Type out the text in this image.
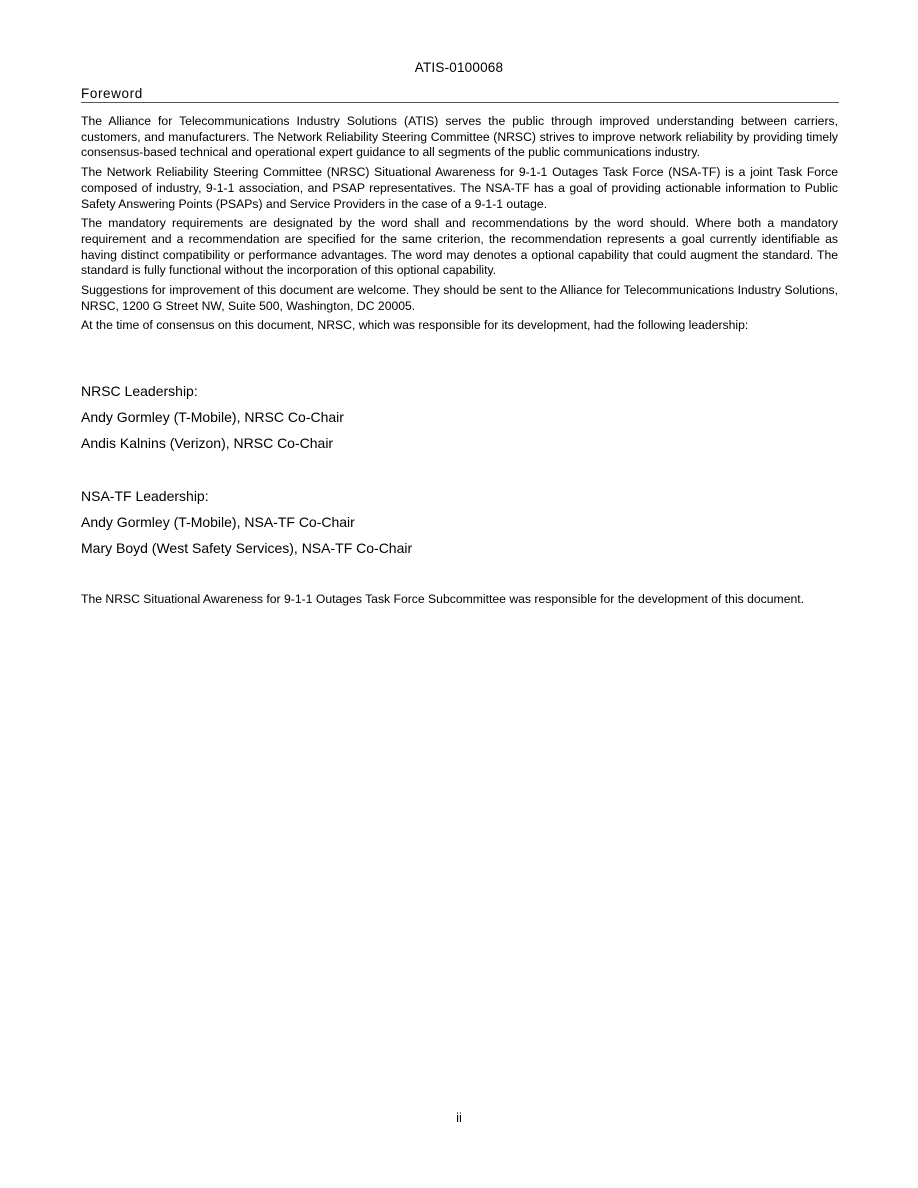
ATIS-0100068
Foreword

The Alliance for Telecommunications Industry Solutions (ATIS) serves the public through improved understanding between carriers, customers, and manufacturers. The Network Reliability Steering Committee (NRSC) strives to improve network reliability by providing timely consensus-based technical and operational expert guidance to all segments of the public communications industry.

The Network Reliability Steering Committee (NRSC) Situational Awareness for 9-1-1 Outages Task Force (NSA-TF) is a joint Task Force composed of industry, 9-1-1 association, and PSAP representatives. The NSA-TF has a goal of providing actionable information to Public Safety Answering Points (PSAPs) and Service Providers in the case of a 9-1-1 outage.

The mandatory requirements are designated by the word shall and recommendations by the word should. Where both a mandatory requirement and a recommendation are specified for the same criterion, the recommendation represents a goal currently identifiable as having distinct compatibility or performance advantages. The word may denotes a optional capability that could augment the standard. The standard is fully functional without the incorporation of this optional capability.

Suggestions for improvement of this document are welcome. They should be sent to the Alliance for Telecommunications Industry Solutions, NRSC, 1200 G Street NW, Suite 500, Washington, DC 20005.

At the time of consensus on this document, NRSC, which was responsible for its development, had the following leadership:

NRSC Leadership:

Andy Gormley (T-Mobile), NRSC Co-Chair

Andis Kalnins (Verizon), NRSC Co-Chair

NSA-TF Leadership:

Andy Gormley (T-Mobile), NSA-TF Co-Chair

Mary Boyd (West Safety Services), NSA-TF Co-Chair

The NRSC Situational Awareness for 9-1-1 Outages Task Force Subcommittee was responsible for the development of this document.

ii
